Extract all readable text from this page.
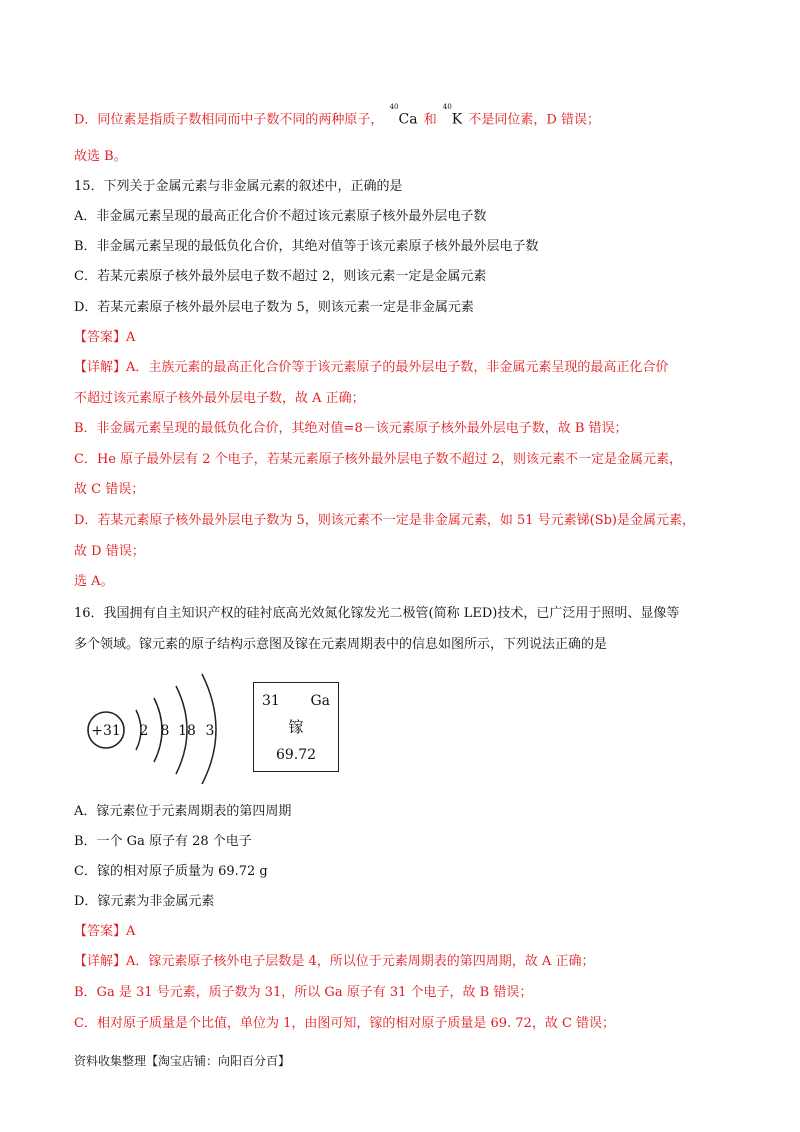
D．同位素是指质子数相同而中子数不同的两种原子， $^{40}$Ca 和 $^{40}$K 不是同位素，D 错误；
故选 B。
15．下列关于金属元素与非金属元素的叙述中，正确的是
A．非金属元素呈现的最高正化合价不超过该元素原子核外最外层电子数
B．非金属元素呈现的最低负化合价，其绝对值等于该元素原子核外最外层电子数
C．若某元素原子核外最外层电子数不超过 2，则该元素一定是金属元素
D．若某元素原子核外最外层电子数为 5，则该元素一定是非金属元素
【答案】A
【详解】A．主族元素的最高正化合价等于该元素原子的最外层电子数，非金属元素呈现的最高正化合价
不超过该元素原子核外最外层电子数，故 A 正确；
B．非金属元素呈现的最低负化合价，其绝对值=8－该元素原子核外最外层电子数，故 B 错误；
C．He 原子最外层有 2 个电子，若某元素原子核外最外层电子数不超过 2，则该元素不一定是金属元素，
故 C 错误；
D．若某元素原子核外最外层电子数为 5，则该元素不一定是非金属元素，如 51 号元素锑(Sb)是金属元素，
故 D 错误；
选 A。
16．我国拥有自主知识产权的硅衬底高光效氮化镓发光二极管(简称 LED)技术，已广泛用于照明、显像等
多个领域。镓元素的原子结构示意图及镓在元素周期表中的信息如图所示，下列说法正确的是
+31 2 8 18 3
31 Ga
镓
69.72
A．镓元素位于元素周期表的第四周期
B．一个 Ga 原子有 28 个电子
C．镓的相对原子质量为 69.72 g
D．镓元素为非金属元素
【答案】A
【详解】A．镓元素原子核外电子层数是 4，所以位于元素周期表的第四周期，故 A 正确；
B．Ga 是 31 号元素，质子数为 31，所以 Ga 原子有 31 个电子，故 B 错误；
C．相对原子质量是个比值，单位为 1，由图可知，镓的相对原子质量是 69. 72，故 C 错误；
资料收集整理【淘宝店铺：向阳百分百】
